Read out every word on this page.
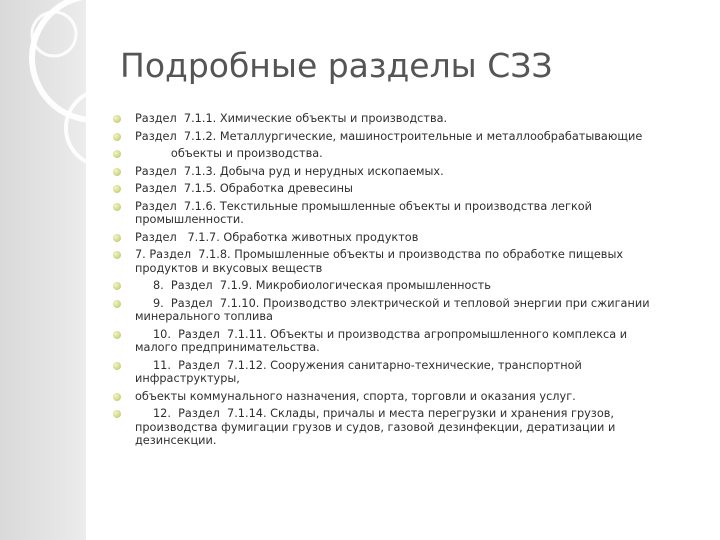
Подробные разделы СЗЗ
Раздел  7.1.1. Химические объекты и производства.
Раздел  7.1.2. Металлургические, машиностроительные и металлообрабатывающие
объекты и производства.
Раздел  7.1.3. Добыча руд и нерудных ископаемых.
Раздел  7.1.5. Обработка древесины
Раздел  7.1.6. Текстильные промышленные объекты и производства легкой промышленности.
Раздел   7.1.7. Обработка животных продуктов
7. Раздел  7.1.8. Промышленные объекты и производства по обработке пищевых продуктов и вкусовых веществ
8.  Раздел  7.1.9. Микробиологическая промышленность
9.  Раздел  7.1.10. Производство электрической и тепловой энергии при сжигании минерального топлива
10.  Раздел  7.1.11. Объекты и производства агропромышленного комплекса и малого предпринимательства.
11.  Раздел  7.1.12. Сооружения санитарно-технические, транспортной инфраструктуры,
объекты коммунального назначения, спорта, торговли и оказания услуг.
12.  Раздел  7.1.14. Склады, причалы и места перегрузки и хранения грузов, производства фумигации грузов и судов, газовой дезинфекции, дератизации и дезинсекции.
